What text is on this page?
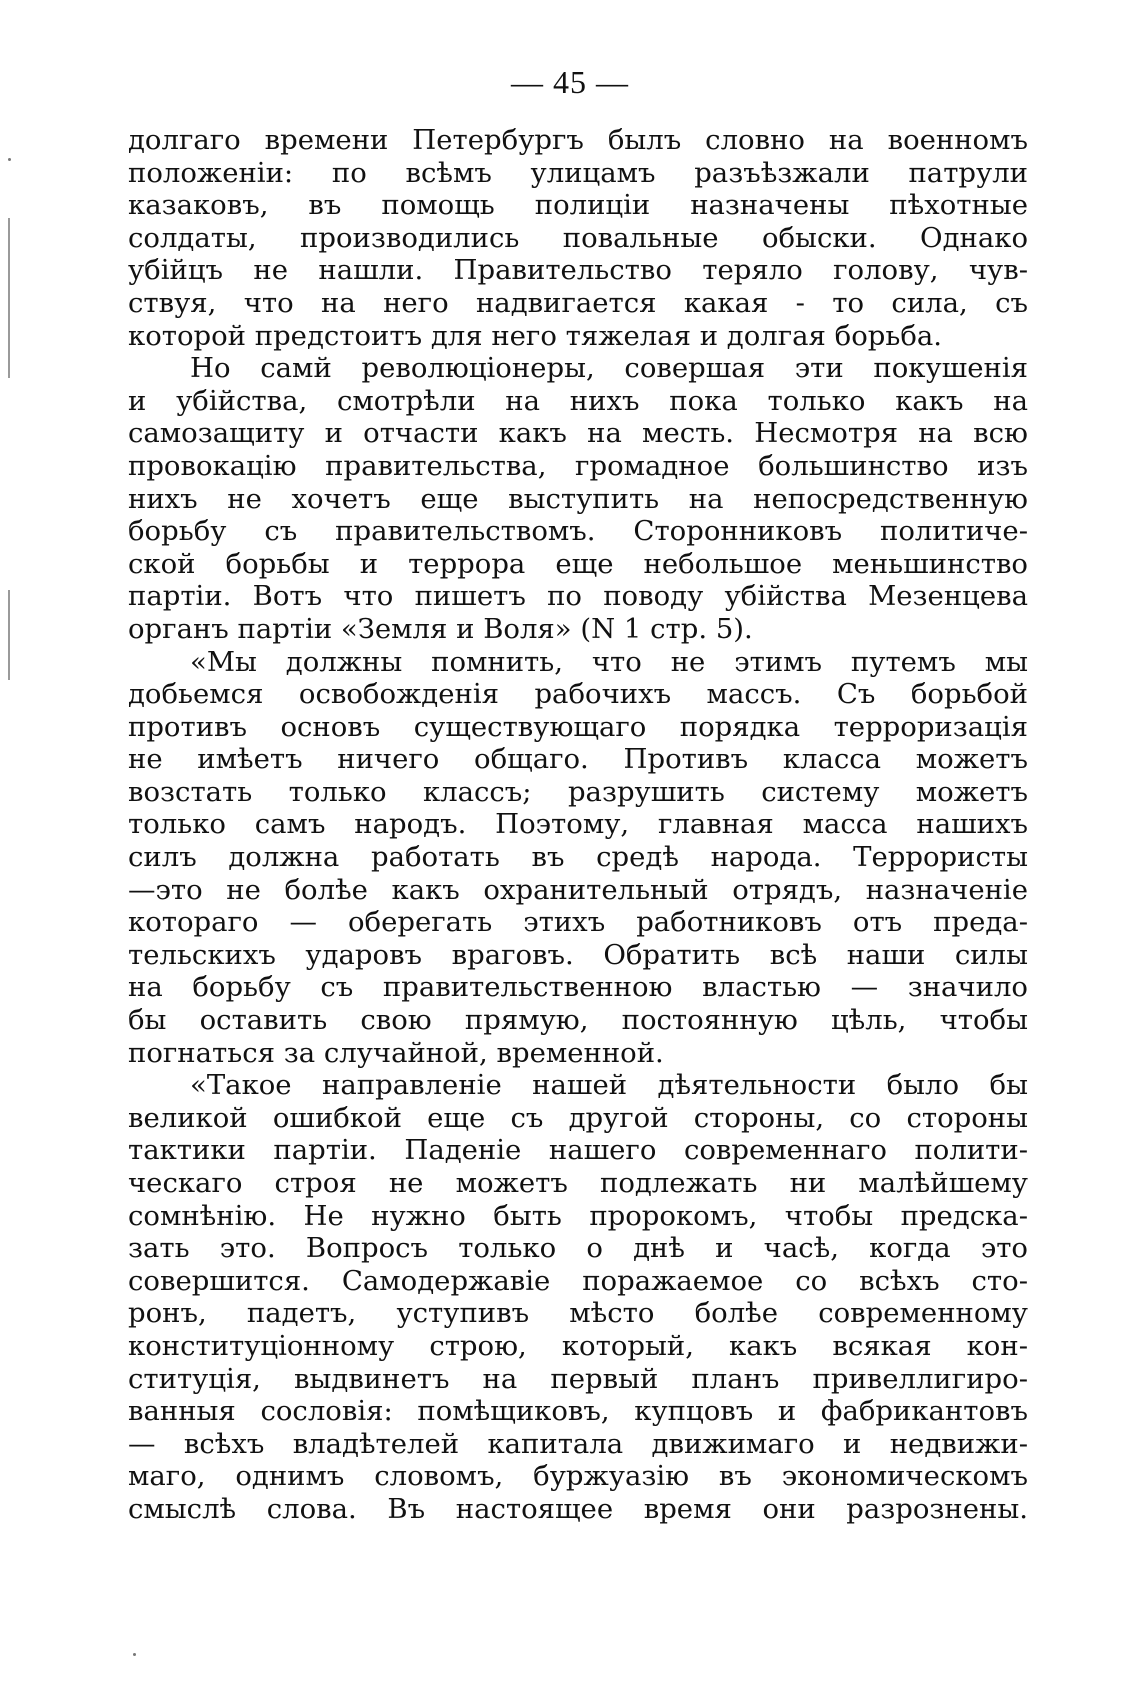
— 45 —
долгаго времени Петербургъ былъ словно на военномъ
положеніи: по всѣмъ улицамъ разъѣзжали патрули
казаковъ, въ помощь полиціи назначены пѣхотные
солдаты, производились повальные обыски. Однако
убійцъ не нашли. Правительство теряло голову, чув-
ствуя, что на него надвигается какая - то сила, съ
которой предстоитъ для него тяжелая и долгая борьба.
Но самй революціонеры, совершая эти покушенія
и убійства, смотрѣли на нихъ пока только какъ на
самозащиту и отчасти какъ на месть. Несмотря на всю
провокацію правительства, громадное большинство изъ
нихъ не хочетъ еще выступить на непосредственную
борьбу съ правительствомъ. Сторонниковъ политиче-
ской борьбы и террора еще небольшое меньшинство
партіи. Вотъ что пишетъ по поводу убійства Мезенцева
органъ партіи «Земля и Воля» (N 1 стр. 5).
«Мы должны помнить, что не этимъ путемъ мы
добьемся освобожденія рабочихъ массъ. Съ борьбой
противъ основъ существующаго порядка терроризація
не имѣетъ ничего общаго. Противъ класса можетъ
возстать только классъ; разрушить систему можетъ
только самъ народъ. Поэтому, главная масса нашихъ
силъ должна работать въ средѣ народа. Террористы
—это не болѣе какъ охранительный отрядъ, назначеніе
котораго — оберегать этихъ работниковъ отъ преда-
тельскихъ ударовъ враговъ. Обратить всѣ наши силы
на борьбу съ правительственною властью — значило
бы оставить свою прямую, постоянную цѣль, чтобы
погнаться за случайной, временной.
«Такое направленіе нашей дѣятельности было бы
великой ошибкой еще съ другой стороны, со стороны
тактики партіи. Паденіе нашего современнаго полити-
ческаго строя не можетъ подлежать ни малѣйшему
сомнѣнію. Не нужно быть пророкомъ, чтобы предска-
зать это. Вопросъ только о днѣ и часѣ, когда это
совершится. Самодержавіе поражаемое со всѣхъ сто-
ронъ, падетъ, уступивъ мѣсто болѣе современному
конституціонному строю, который, какъ всякая кон-
ституція, выдвинетъ на первый планъ привеллигиро-
ванныя сословія: помѣщиковъ, купцовъ и фабрикантовъ
— всѣхъ владѣтелей капитала движимаго и недвижи-
маго, однимъ словомъ, буржуазію въ экономическомъ
смыслѣ слова. Въ настоящее время они разрознены.
